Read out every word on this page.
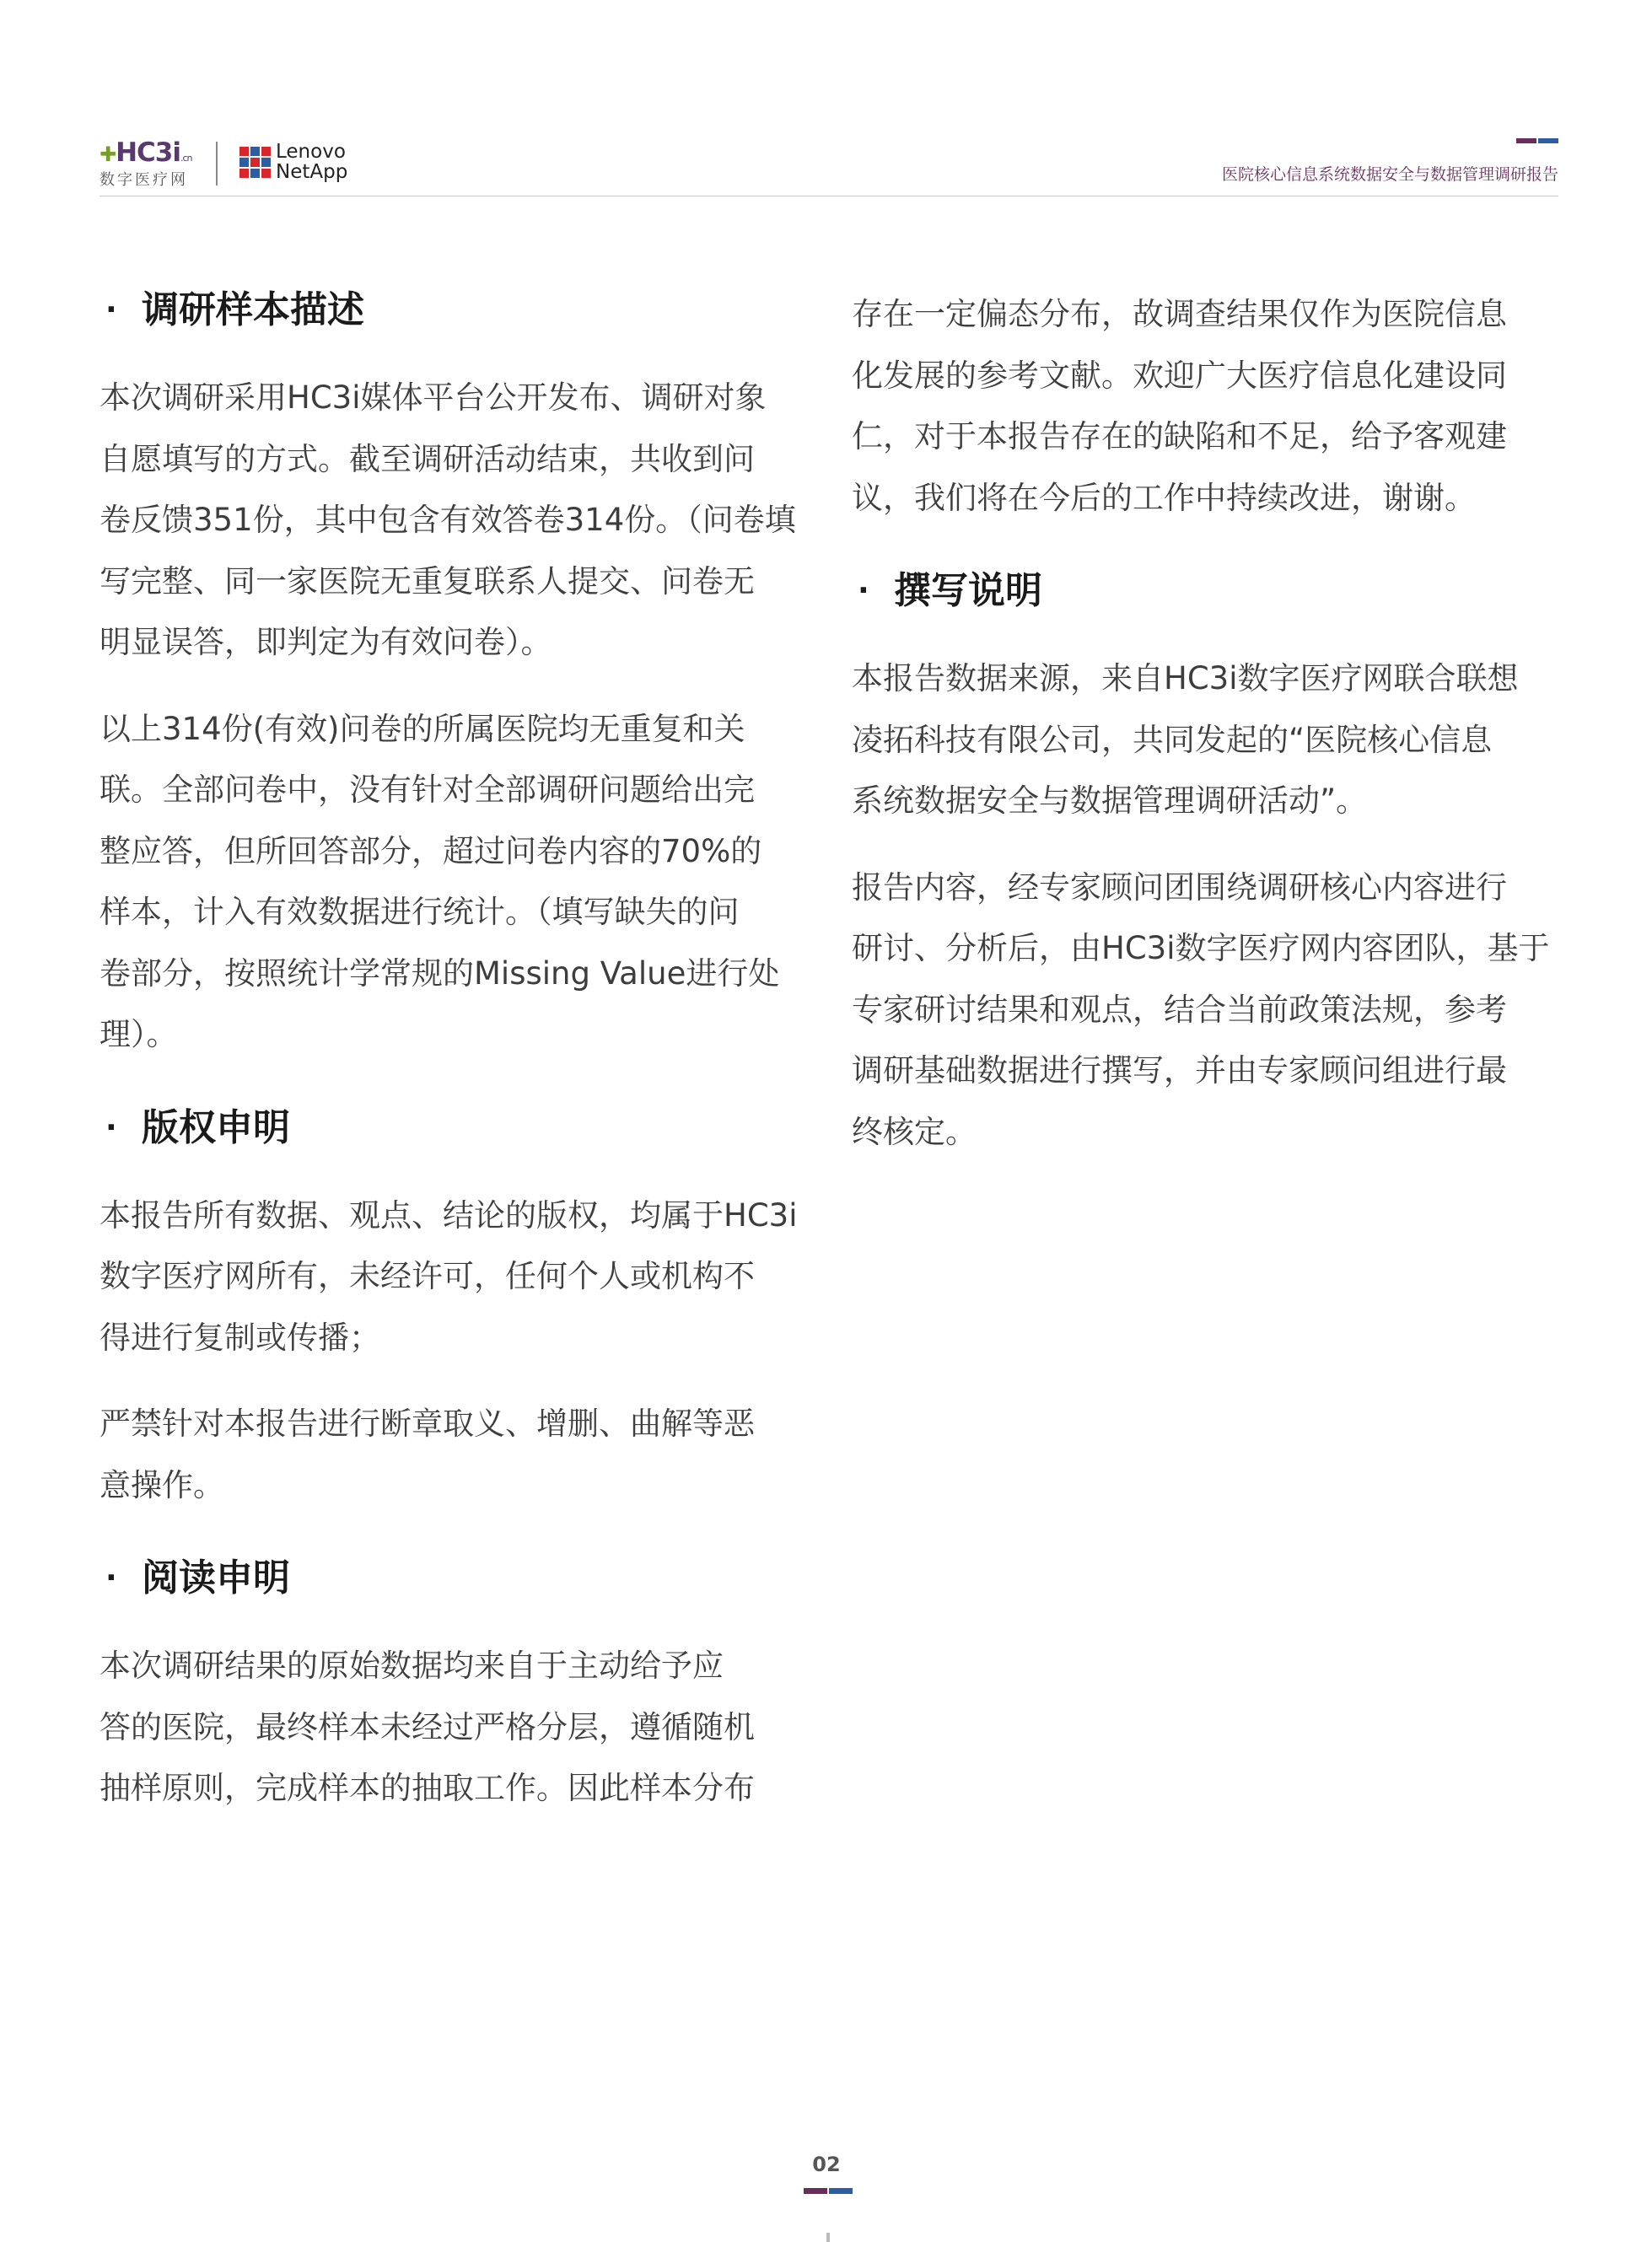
✚HC3i.cn
数字医疗网
Lenovo
NetApp	医院核心信息系统数据安全与数据管理调研报告
· 调研样本描述

本次调研采用HC3i媒体平台公开发布、调研对象
自愿填写的方式。截至调研活动结束，共收到问
卷反馈351份，其中包含有效答卷314份。（问卷填
写完整、同一家医院无重复联系人提交、问卷无
明显误答，即判定为有效问卷）。

以上314份(有效)问卷的所属医院均无重复和关
联。全部问卷中，没有针对全部调研问题给出完
整应答，但所回答部分，超过问卷内容的70%的
样本，计入有效数据进行统计。（填写缺失的问
卷部分，按照统计学常规的Missing Value进行处
理）。

· 版权申明

本报告所有数据、观点、结论的版权，均属于HC3i
数字医疗网所有，未经许可，任何个人或机构不
得进行复制或传播；

严禁针对本报告进行断章取义、增删、曲解等恶
意操作。

· 阅读申明

本次调研结果的原始数据均来自于主动给予应
答的医院，最终样本未经过严格分层，遵循随机
抽样原则，完成样本的抽取工作。因此样本分布

存在一定偏态分布，故调查结果仅作为医院信息
化发展的参考文献。欢迎广大医疗信息化建设同
仁，对于本报告存在的缺陷和不足，给予客观建
议，我们将在今后的工作中持续改进，谢谢。

· 撰写说明

本报告数据来源，来自HC3i数字医疗网联合联想
凌拓科技有限公司，共同发起的“医院核心信息
系统数据安全与数据管理调研活动”。

报告内容，经专家顾问团围绕调研核心内容进行
研讨、分析后，由HC3i数字医疗网内容团队，基于
专家研讨结果和观点，结合当前政策法规，参考
调研基础数据进行撰写，并由专家顾问组进行最
终核定。

02
